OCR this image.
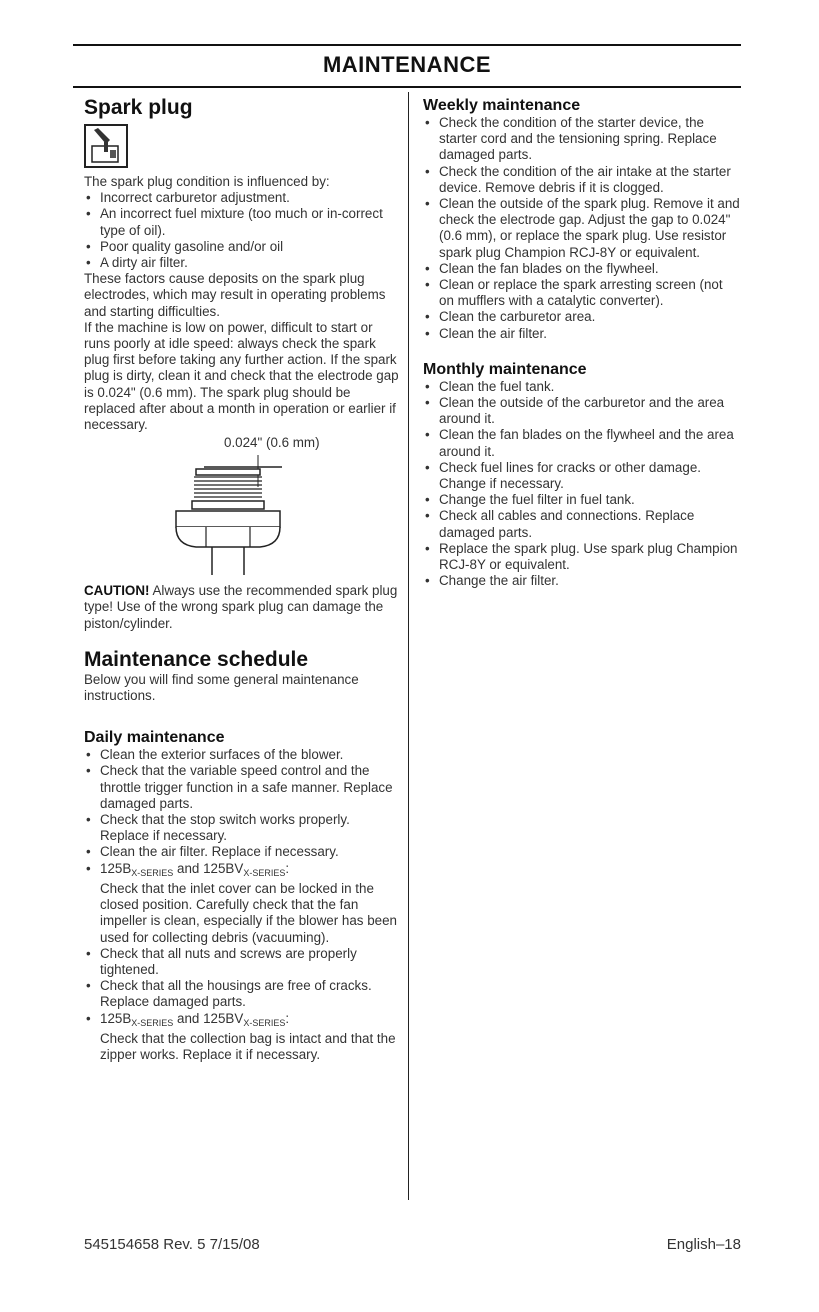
MAINTENANCE
Spark plug

The spark plug condition is influenced by:

• Incorrect carburetor adjustment.
• An incorrect fuel mixture (too much or in-correct type of oil).
• Poor quality gasoline and/or oil
• A dirty air filter.

These factors cause deposits on the spark plug electrodes, which may result in operating problems and starting difficulties.

If the machine is low on power, difficult to start or runs poorly at idle speed: always check the spark plug first before taking any further action. If the spark plug is dirty, clean it and check that the electrode gap is 0.024" (0.6 mm). The spark plug should be replaced after about a month in operation or earlier if necessary.

0.024" (0.6 mm)

CAUTION! Always use the recommended spark plug type! Use of the wrong spark plug can damage the piston/cylinder.

Maintenance schedule

Below you will find some general maintenance instructions.

Daily maintenance
• Clean the exterior surfaces of the blower.
• Check that the variable speed control and the throttle trigger function in a safe manner. Replace damaged parts.
• Check that the stop switch works properly. Replace if necessary.
• Clean the air filter. Replace if necessary.
• $125B_{X-SERIES}$ and $125BV_{X-SERIES}$:
Check that the inlet cover can be locked in the closed position. Carefully check that the fan impeller is clean, especially if the blower has been used for collecting debris (vacuuming).
• Check that all nuts and screws are properly tightened.
• Check that all the housings are free of cracks. Replace damaged parts.
• $125B_{X-SERIES}$ and $125BV_{X-SERIES}$:
Check that the collection bag is intact and that the zipper works. Replace it if necessary.
Weekly maintenance
• Check the condition of the starter device, the starter cord and the tensioning spring. Replace damaged parts.
• Check the condition of the air intake at the starter device. Remove debris if it is clogged.
• Clean the outside of the spark plug. Remove it and check the electrode gap. Adjust the gap to 0.024" (0.6 mm), or replace the spark plug. Use resistor spark plug Champion RCJ-8Y or equivalent.
• Clean the fan blades on the flywheel.
• Clean or replace the spark arresting screen (not on mufflers with a catalytic converter).
• Clean the carburetor area.
• Clean the air filter.
Monthly maintenance
• Clean the fuel tank.
• Clean the outside of the carburetor and the area around it.
• Clean the fan blades on the flywheel and the area around it.
• Check fuel lines for cracks or other damage. Change if necessary.
• Change the fuel filter in fuel tank.
• Check all cables and connections. Replace damaged parts.
• Replace the spark plug. Use spark plug Champion RCJ-8Y or equivalent.
• Change the air filter.
545154658 Rev. 5 7/15/08	English–18
